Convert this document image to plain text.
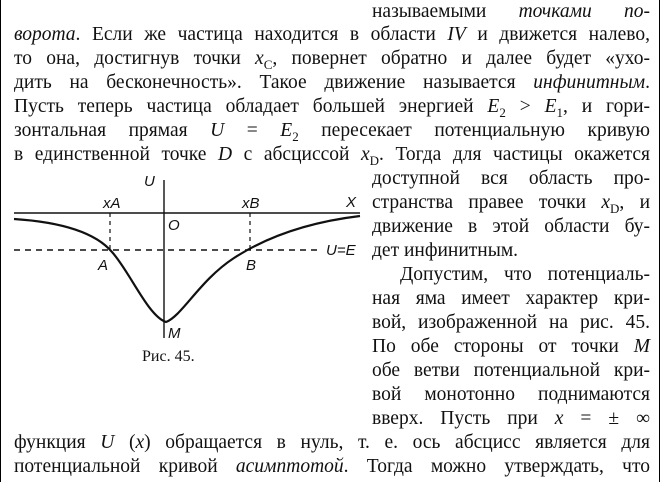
называемыми точками по-
ворота. Если же частица находится в области IV и движется налево,
то она, достигнув точки $x_C$, повернет обратно и далее будет «ухо-
дить на бесконечность». Такое движение называется инфинитным.
Пусть теперь частица обладает большей энергией $E_2 > E_1$, и гори-
зонтальная прямая $U = E_2$ пересекает потенциальную кривую
в единственной точке D с абсциссой $x_D$. Тогда для частицы окажется
доступной вся область про-
странства правее точки $x_D$, и
движение в этой области бу-
дет инфинитным.
Допустим, что потенциаль-
ная яма имеет характер кри-
вой, изображенной на рис. 45.
По обе стороны от точки M
обе ветви потенциальной кри-
вой монотонно поднимаются
вверх. Пусть при x = ± ∞
функция U (x) обращается в нуль, т. е. ось абсцисс является для
потенциальной кривой асимптотой. Тогда можно утверждать, что
U
X
xA	xB
O
A	B
M
U=E
Рис. 45.
